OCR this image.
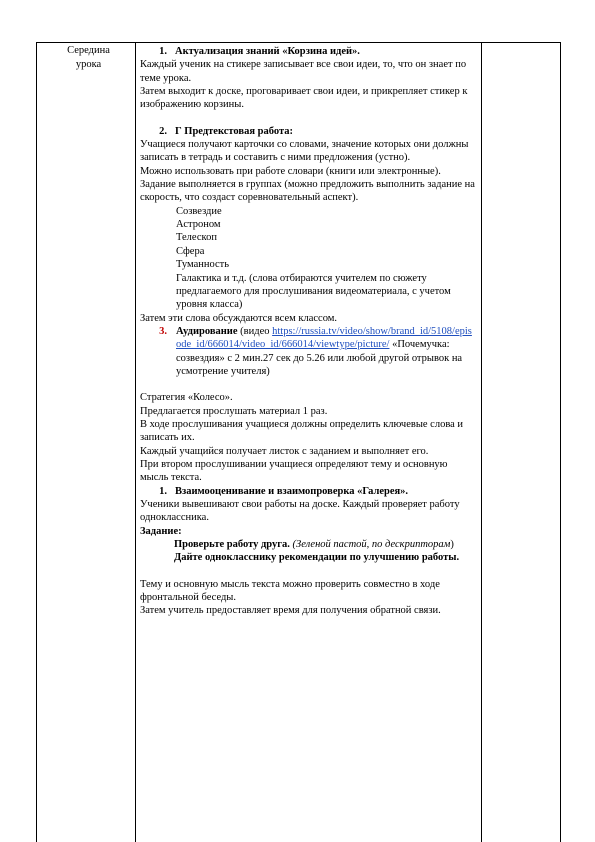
Середина
урока

1. Актуализация знаний «Корзина идей».

Каждый ученик на стикере записывает все свои идеи, то, что он знает по теме урока.

Затем выходит к доске, проговаривает свои идеи, и прикрепляет стикер к изображению корзины.

2. Г Предтекстовая работа:

Учащиеся получают карточки со словами, значение которых они должны записать в тетрадь и составить с ними предложения (устно).

Можно использовать при работе словари (книги или электронные).

Задание выполняется в группах (можно предложить выполнить задание на скорость, что создаст соревновательный аспект).

Созвездие

Астроном

Телескоп

Сфера

Туманность

Галактика и т.д. (слова отбираются учителем по сюжету предлагаемого для прослушивания видеоматериала, с учетом уровня класса)

Затем эти слова обсуждаются всем классом.

3. Аудирование (видео https://russia.tv/video/show/brand_id/5108/episode_id/666014/video_id/666014/viewtype/picture/ «Почемучка: созвездия» с 2 мин.27 сек до 5.26 или любой другой отрывок на усмотрение учителя)

Стратегия «Колесо».

Предлагается прослушать материал 1 раз.

В ходе прослушивания учащиеся должны определить ключевые слова и записать их.

Каждый учащийся получает листок с заданием и выполняет его.

При втором прослушивании учащиеся определяют тему и основную мысль текста.

1. Взаимооценивание и взаимопроверка «Галерея».

Ученики вывешивают свои работы на доске. Каждый проверяет работу одноклассника.

Задание:

Проверьте работу друга. (Зеленой пастой, по дескрипторам)

Дайте однокласснику рекомендации по улучшению работы.

Тему и основную мысль текста можно проверить совместно в ходе фронтальной беседы.

Затем учитель предоставляет время для получения обратной связи.
